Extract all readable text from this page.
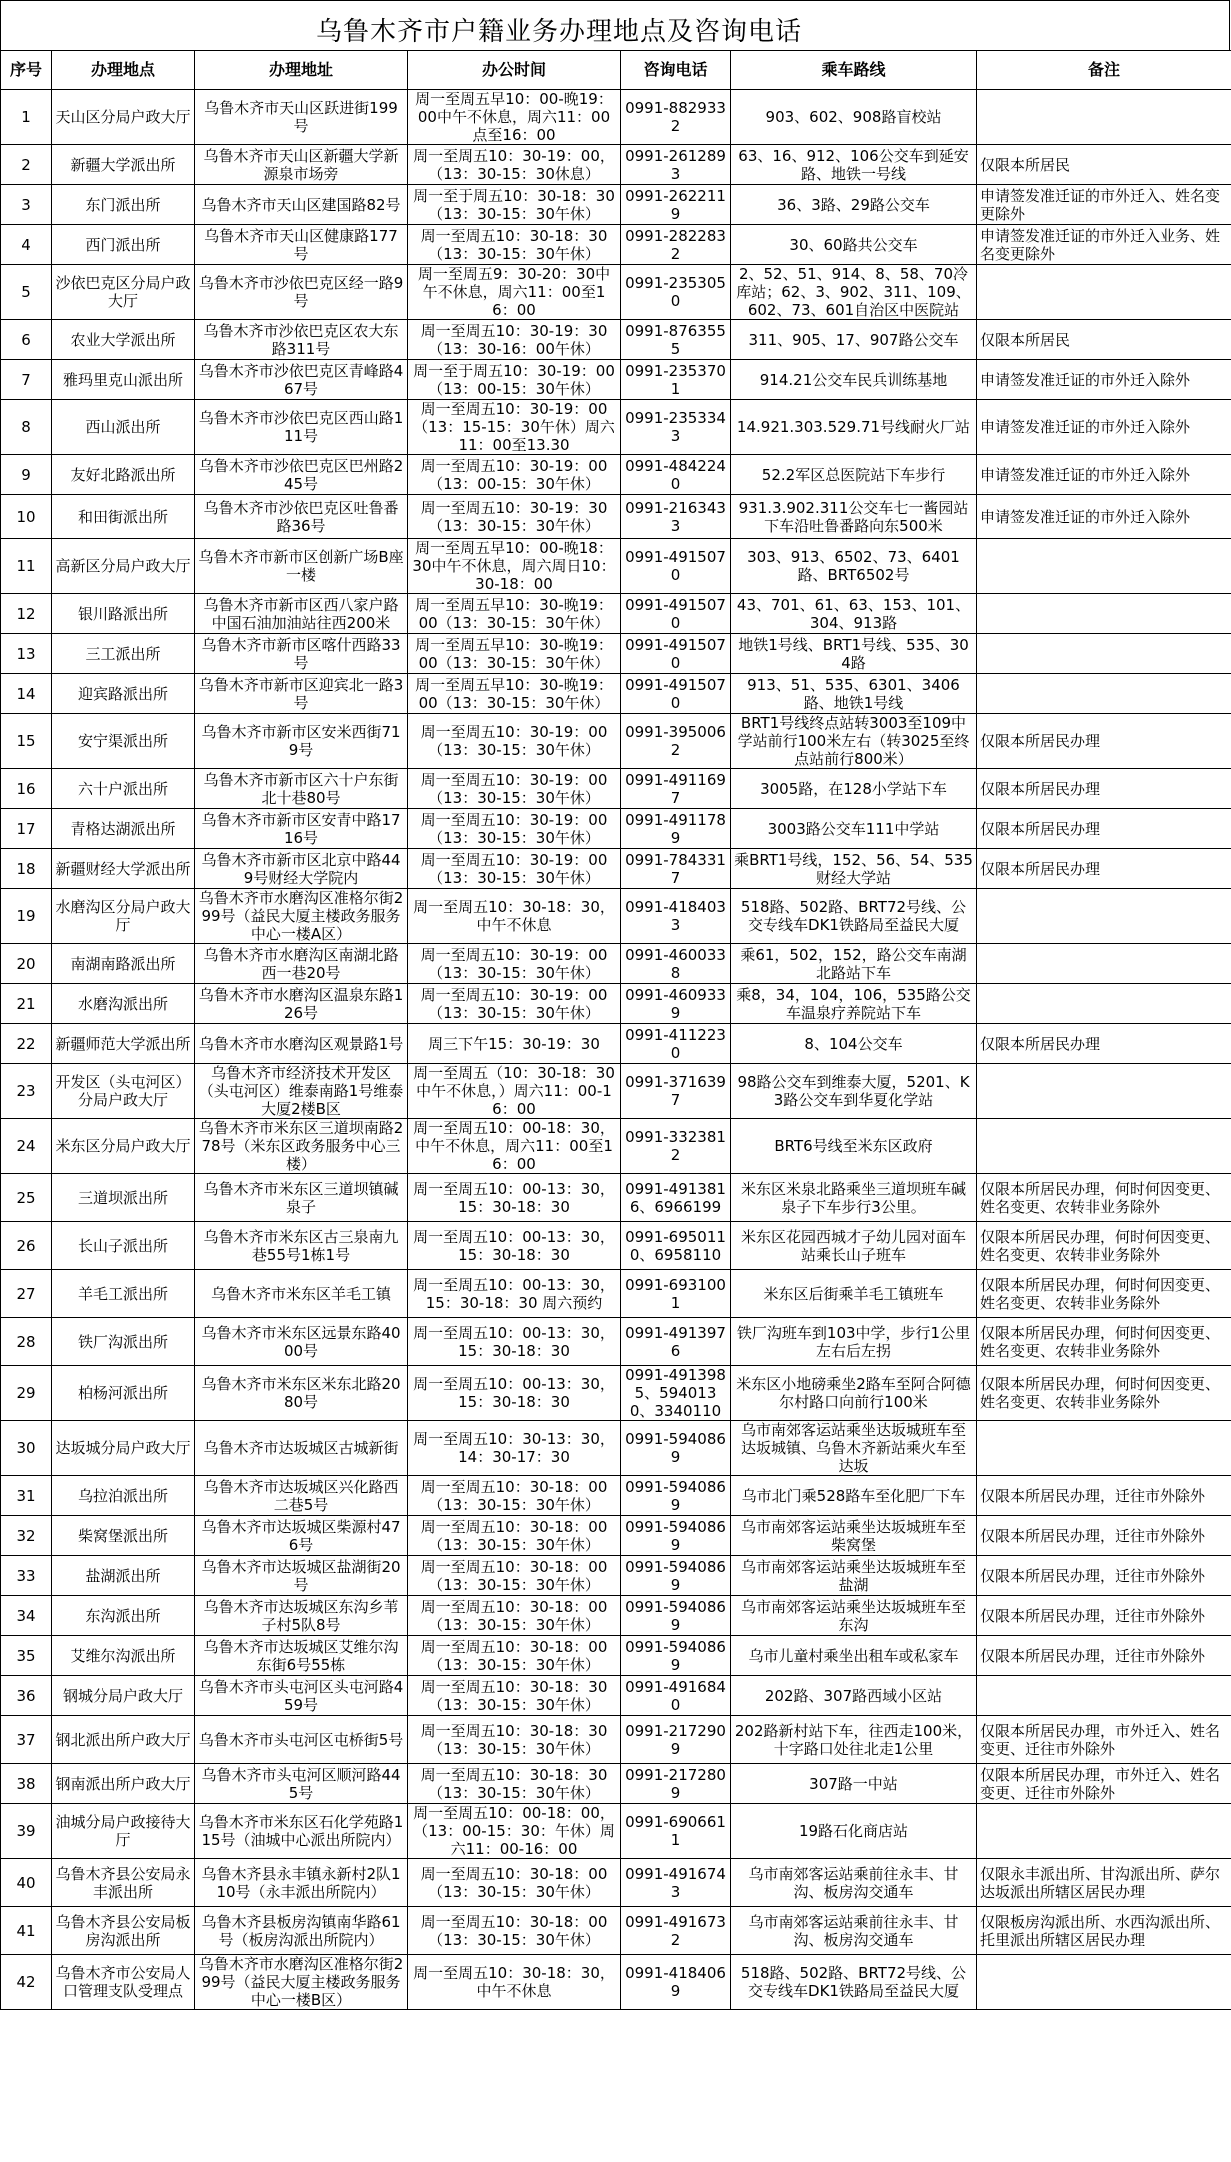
乌鲁木齐市户籍业务办理地点及咨询电话
序号	办理地点	办理地址	办公时间	咨询电话	乘车路线	备注
1	天山区分局户政大厅	乌鲁木齐市天山区跃进街199号	周一至周五早10：00-晚19：00中午不休息，周六11：00点至16：00	0991-8829332	903、602、908路盲校站	
2	新疆大学派出所	乌鲁木齐市天山区新疆大学新源泉市场旁	周一至周五10：30-19：00，（13：30-15：30休息）	0991-2612893	63、16、912、106公交车到延安路、地铁一号线	仅限本所居民
3	东门派出所	乌鲁木齐市天山区建国路82号	周一至于周五10：30-18：30（13：30-15：30午休）	0991-2622119	36、3路、29路公交车	申请签发准迁证的市外迁入、姓名变更除外
4	西门派出所	乌鲁木齐市天山区健康路177号	周一至周五10：30-18：30（13：30-15：30午休）	0991-2822832	30、60路共公交车	申请签发准迁证的市外迁入业务、姓名变更除外
5	沙依巴克区分局户政大厅	乌鲁木齐市沙依巴克区经一路9号	周一至周五9：30-20：30中午不休息，周六11：00至16：00	0991-2353050	2、52、51、914、8、58、70冷库站；62、3、902、311、109、602、73、601自治区中医院站	
6	农业大学派出所	乌鲁木齐市沙依巴克区农大东路311号	周一至周五10：30-19：30（13：30-16：00午休）	0991-8763555	311、905、17、907路公交车	仅限本所居民
7	雅玛里克山派出所	乌鲁木齐市沙依巴克区青峰路467号	周一至于周五10：30-19：00（13：00-15：30午休）	0991-2353701	914.21公交车民兵训练基地	申请签发准迁证的市外迁入除外
8	西山派出所	乌鲁木齐市沙依巴克区西山路111号	周一至周五10：30-19：00（13：15-15：30午休）周六11：00至13.30	0991-2353343	14.921.303.529.71号线耐火厂站	申请签发准迁证的市外迁入除外
9	友好北路派出所	乌鲁木齐市沙依巴克区巴州路245号	周一至周五10：30-19：00（13：00-15：30午休）	0991-4842240	52.2军区总医院站下车步行	申请签发准迁证的市外迁入除外
10	和田街派出所	乌鲁木齐市沙依巴克区吐鲁番路36号	周一至周五10：30-19：30（13：30-15：30午休）	0991-2163433	931.3.902.311公交车七一酱园站下车沿吐鲁番路向东500米	申请签发准迁证的市外迁入除外
11	高新区分局户政大厅	乌鲁木齐市新市区创新广场B座一楼	周一至周五早10：00-晚18：30中午不休息，周六周日10：30-18：00	0991-4915070	303、913、6502、73、6401路、BRT6502号	
12	银川路派出所	乌鲁木齐市新市区西八家户路中国石油加油站往西200米	周一至周五早10：30-晚19：00（13：30-15：30午休）	0991-4915070	43、701、61、63、153、101、304、913路	
13	三工派出所	乌鲁木齐市新市区喀什西路33号	周一至周五早10：30-晚19：00（13：30-15：30午休）	0991-4915070	地铁1号线、BRT1号线、535、304路	
14	迎宾路派出所	乌鲁木齐市新市区迎宾北一路3号	周一至周五早10：30-晚19：00（13：30-15：30午休）	0991-4915070	913、51、535、6301、3406路、地铁1号线	
15	安宁渠派出所	乌鲁木齐市新市区安米西街719号	周一至周五10：30-19：00（13：30-15：30午休）	0991-3950062	BRT1号线终点站转3003至109中学站前行100米左右（转3025至终点站前行800米）	仅限本所居民办理
16	六十户派出所	乌鲁木齐市新市区六十户东街北十巷80号	周一至周五10：30-19：00（13：30-15：30午休）	0991-4911697	3005路，在128小学站下车	仅限本所居民办理
17	青格达湖派出所	乌鲁木齐市新市区安青中路1716号	周一至周五10：30-19：00（13：30-15：30午休）	0991-4911789	3003路公交车111中学站	仅限本所居民办理
18	新疆财经大学派出所	乌鲁木齐市新市区北京中路449号财经大学院内	周一至周五10：30-19：00（13：30-15：30午休）	0991-7843317	乘BRT1号线，152、56、54、535财经大学站	仅限本所居民办理
19	水磨沟区分局户政大厅	乌鲁木齐市水磨沟区准格尔街299号（益民大厦主楼政务服务中心一楼A区）	周一至周五10：30-18：30，中午不休息	0991-4184033	518路、502路、BRT72号线、公交专线车DK1铁路局至益民大厦	
20	南湖南路派出所	乌鲁木齐市水磨沟区南湖北路西一巷20号	周一至周五10：30-19：00（13：30-15：30午休）	0991-4600338	乘61，502，152，路公交车南湖北路站下车	
21	水磨沟派出所	乌鲁木齐市水磨沟区温泉东路126号	周一至周五10：30-19：00（13：30-15：30午休）	0991-4609339	乘8，34，104，106，535路公交车温泉疗养院站下车	
22	新疆师范大学派出所	乌鲁木齐市水磨沟区观景路1号	周三下午15：30-19：30	0991-4112230	8、104公交车	仅限本所居民办理
23	开发区（头屯河区）分局户政大厅	乌鲁木齐市经济技术开发区（头屯河区）维泰南路1号维泰大厦2楼B区	周一至周五（10：30-18：30中午不休息，）周六11：00-16：00	0991-3716397	98路公交车到维泰大厦，5201、K3路公交车到华夏化学站	
24	米东区分局户政大厅	乌鲁木齐市米东区三道坝南路278号（米东区政务服务中心三楼）	周一至周五10：00-18：30，中午不休息，周六11：00至16：00	0991-3323812	BRT6号线至米东区政府	
25	三道坝派出所	乌鲁木齐市米东区三道坝镇碱泉子	周一至周五10：00-13：30，15：30-18：30	0991-4913816、6966199	米东区米泉北路乘坐三道坝班车碱泉子下车步行3公里。	仅限本所居民办理，何时何因变更、姓名变更、农转非业务除外
26	长山子派出所	乌鲁木齐市米东区古三泉南九巷55号1栋1号	周一至周五10：00-13：30，15：30-18：30	0991-6950110、6958110	米东区花园西城才子幼儿园对面车站乘长山子班车	仅限本所居民办理，何时何因变更、姓名变更、农转非业务除外
27	羊毛工派出所	乌鲁木齐市米东区羊毛工镇	周一至周五10：00-13：30，15：30-18：30 周六预约	0991-6931001	米东区后街乘羊毛工镇班车	仅限本所居民办理，何时何因变更、姓名变更、农转非业务除外
28	铁厂沟派出所	乌鲁木齐市米东区远景东路4000号	周一至周五10：00-13：30，15：30-18：30	0991-4913976	铁厂沟班车到103中学，步行1公里左右后左拐	仅限本所居民办理，何时何因变更、姓名变更、农转非业务除外
29	柏杨河派出所	乌鲁木齐市米东区米东北路2080号	周一至周五10：00-13：30，15：30-18：30	0991-4913985、5940130、3340110	米东区小地磅乘坐2路车至阿合阿德尔村路口向前行100米	仅限本所居民办理，何时何因变更、姓名变更、农转非业务除外
30	达坂城分局户政大厅	乌鲁木齐市达坂城区古城新街	周一至周五10：30-13：30，14：30-17：30	0991-5940869	乌市南郊客运站乘坐达坂城班车至达坂城镇、乌鲁木齐新站乘火车至达坂	
31	乌拉泊派出所	乌鲁木齐市达坂城区兴化路西二巷5号	周一至周五10：30-18：00（13：30-15：30午休）	0991-5940869	乌市北门乘528路车至化肥厂下车	仅限本所居民办理，迁往市外除外
32	柴窝堡派出所	乌鲁木齐市达坂城区柴源村476号	周一至周五10：30-18：00（13：30-15：30午休）	0991-5940869	乌市南郊客运站乘坐达坂城班车至柴窝堡	仅限本所居民办理，迁往市外除外
33	盐湖派出所	乌鲁木齐市达坂城区盐湖街20号	周一至周五10：30-18：00（13：30-15：30午休）	0991-5940869	乌市南郊客运站乘坐达坂城班车至盐湖	仅限本所居民办理，迁往市外除外
34	东沟派出所	乌鲁木齐市达坂城区东沟乡苇子村5队8号	周一至周五10：30-18：00（13：30-15：30午休）	0991-5940869	乌市南郊客运站乘坐达坂城班车至东沟	仅限本所居民办理，迁往市外除外
35	艾维尔沟派出所	乌鲁木齐市达坂城区艾维尔沟东街6号55栋	周一至周五10：30-18：00（13：30-15：30午休）	0991-5940869	乌市儿童村乘坐出租车或私家车	仅限本所居民办理，迁往市外除外
36	钢城分局户政大厅	乌鲁木齐市头屯河区头屯河路459号	周一至周五10：30-18：30（13：30-15：30午休）	0991-4916840	202路、307路西域小区站	
37	钢北派出所户政大厅	乌鲁木齐市头屯河区屯桥街5号	周一至周五10：30-18：30（13：30-15：30午休）	0991-2172909	202路新村站下车，往西走100米，十字路口处往北走1公里	仅限本所居民办理，市外迁入、姓名变更、迁往市外除外
38	钢南派出所户政大厅	乌鲁木齐市头屯河区顺河路445号	周一至周五10：30-18：30（13：30-15：30午休）	0991-2172809	307路一中站	仅限本所居民办理，市外迁入、姓名变更、迁往市外除外
39	油城分局户政接待大厅	乌鲁木齐市米东区石化学苑路115号（油城中心派出所院内）	周一至周五10：00-18：00，（13：00-15：30：午休）周六11：00-16：00	0991-6906611	19路石化商店站	
40	乌鲁木齐县公安局永丰派出所	乌鲁木齐县永丰镇永新村2队110号（永丰派出所院内）	周一至周五10：30-18：00（13：30-15：30午休）	0991-4916743	乌市南郊客运站乘前往永丰、甘沟、板房沟交通车	仅限永丰派出所、甘沟派出所、萨尔达坂派出所辖区居民办理
41	乌鲁木齐县公安局板房沟派出所	乌鲁木齐县板房沟镇南华路61号（板房沟派出所院内）	周一至周五10：30-18：00（13：30-15：30午休）	0991-4916732	乌市南郊客运站乘前往永丰、甘沟、板房沟交通车	仅限板房沟派出所、水西沟派出所、托里派出所辖区居民办理
42	乌鲁木齐市公安局人口管理支队受理点	乌鲁木齐市水磨沟区准格尔街299号（益民大厦主楼政务服务中心一楼B区）	周一至周五10：30-18：30，中午不休息	0991-4184069	518路、502路、BRT72号线、公交专线车DK1铁路局至益民大厦	
